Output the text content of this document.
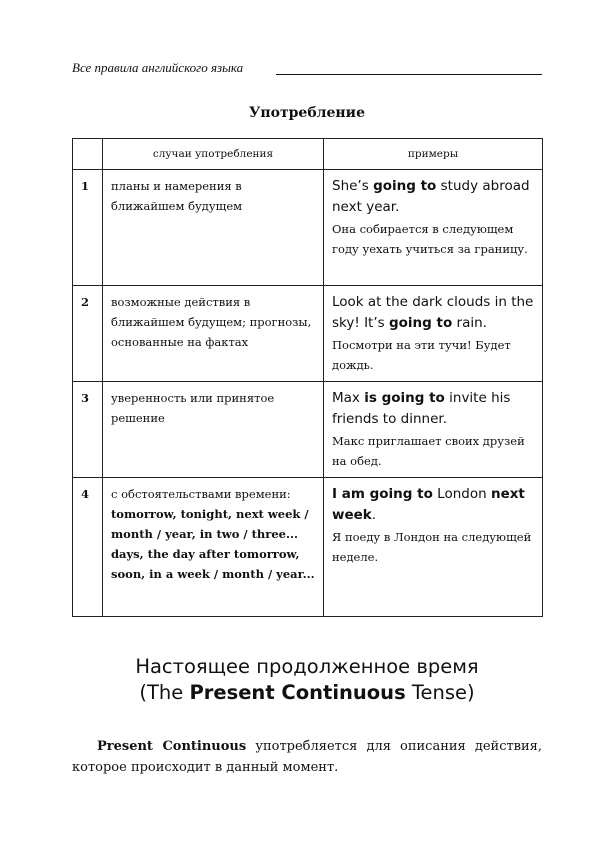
Все правила английского языка
Употребление
	случаи употребления	примеры
1	планы и намерения в ближайшем будущем	She’s going to study abroad next year.
Она собирается в следующем году уехать учиться за границу.

2	возможные действия в ближайшем будущем; прогнозы, основанные на фактах	Look at the dark clouds in the sky! It’s going to rain.
Посмотри на эти тучи! Будет дождь.

3	уверенность или принятое решение	Max is going to invite his friends to dinner.
Макс приглашает своих друзей на обед.

4	с обстоятельствами времени: tomorrow, tonight, next week / month / year, in two / three... days, the day after tomorrow, soon, in a week / month / year...	I am going to London next week.
Я поеду в Лондон на следующей неделе.
Настоящее продолженное время
(The Present Continuous Tense)
Present Continuous употребляется для описания действия, которое происходит в данный момент.
